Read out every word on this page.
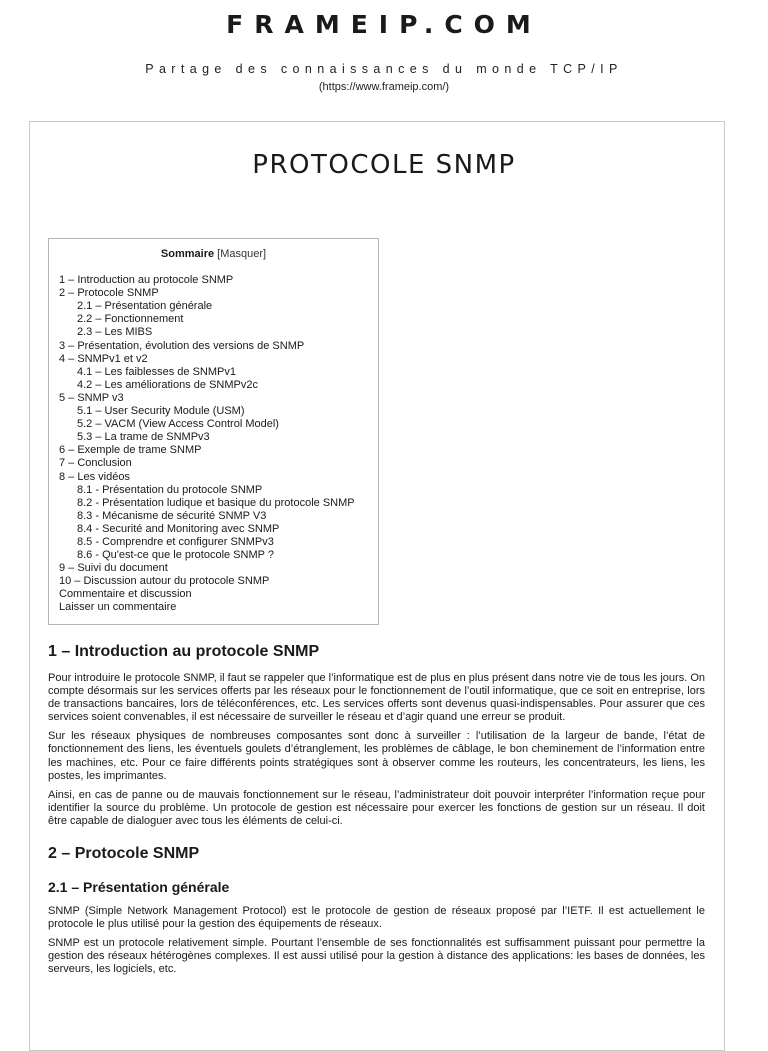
FRAMEIP.COM

Partage des connaissances du monde TCP/IP

(https://www.frameip.com/)

PROTOCOLE SNMP
Sommaire [Masquer]
1 – Introduction au protocole SNMP
2 – Protocole SNMP
2.1 – Présentation générale
2.2 – Fonctionnement
2.3 – Les MIBS
3 – Présentation, évolution des versions de SNMP
4 – SNMPv1 et v2
4.1 – Les faiblesses de SNMPv1
4.2 – Les améliorations de SNMPv2c
5 – SNMP v3
5.1 – User Security Module (USM)
5.2 – VACM (View Access Control Model)
5.3 – La trame de SNMPv3
6 – Exemple de trame SNMP
7 – Conclusion
8 – Les vidéos
8.1 - Présentation du protocole SNMP
8.2 - Présentation ludique et basique du protocole SNMP
8.3 - Mécanisme de sécurité SNMP V3
8.4 - Securité and Monitoring avec SNMP
8.5 - Comprendre et configurer SNMPv3
8.6 - Qu'est-ce que le protocole SNMP ?
9 – Suivi du document
10 – Discussion autour du protocole SNMP
Commentaire et discussion
Laisser un commentaire
1 – Introduction au protocole SNMP

Pour introduire le protocole SNMP, il faut se rappeler que l’informatique est de plus en plus présent dans notre vie de tous les jours. On compte désormais sur les services offerts par les réseaux pour le fonctionnement de l’outil informatique, que ce soit en entreprise, lors de transactions bancaires, lors de téléconférences, etc. Les services offerts sont devenus quasi-indispensables. Pour assurer que ces services soient convenables, il est nécessaire de surveiller le réseau et d’agir quand une erreur se produit.

Sur les réseaux physiques de nombreuses composantes sont donc à surveiller : l’utilisation de la largeur de bande, l’état de fonctionnement des liens, les éventuels goulets d’étranglement, les problèmes de câblage, le bon cheminement de l’information entre les machines, etc. Pour ce faire différents points stratégiques sont à observer comme les routeurs, les concentrateurs, les liens, les postes, les imprimantes.

Ainsi, en cas de panne ou de mauvais fonctionnement sur le réseau, l’administrateur doit pouvoir interpréter l’information reçue pour identifier la source du problème. Un protocole de gestion est nécessaire pour exercer les fonctions de gestion sur un réseau. Il doit être capable de dialoguer avec tous les éléments de celui-ci.

2 – Protocole SNMP
2.1 – Présentation générale

SNMP (Simple Network Management Protocol) est le protocole de gestion de réseaux proposé par l’IETF. Il est actuellement le protocole le plus utilisé pour la gestion des équipements de réseaux.

SNMP est un protocole relativement simple. Pourtant l’ensemble de ses fonctionnalités est suffisamment puissant pour permettre la gestion des réseaux hétérogènes complexes. Il est aussi utilisé pour la gestion à distance des applications: les bases de données, les serveurs, les logiciels, etc.
